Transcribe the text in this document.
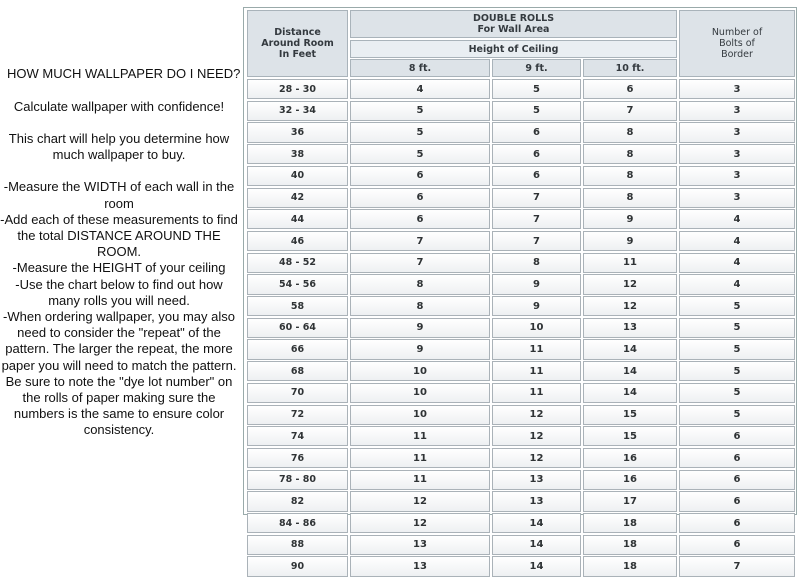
HOW MUCH WALLPAPER DO I NEED?
Calculate wallpaper with confidence!

This chart will help you determine how much wallpaper to buy.

-Measure the WIDTH of each wall in the room

-Add each of these measurements to find the total DISTANCE AROUND THE ROOM.

-Measure the HEIGHT of your ceiling

-Use the chart below to find out how many rolls you will need.

-When ordering wallpaper, you may also need to consider the "repeat" of the pattern. The larger the repeat, the more paper you will need to match the pattern. Be sure to note the "dye lot number" on the rolls of paper making sure the numbers is the same to ensure color consistency.

Distance Around Room In Feet
DOUBLE ROLLS For Wall Area
Height of Ceiling
8 ft.	9 ft.	10 ft.
Number of Bolts of Border
28 - 30	4	5	6	3
32 - 34	5	5	7	3
36	5	6	8	3
38	5	6	8	3
40	6	6	8	3
42	6	7	8	3
44	6	7	9	4
46	7	7	9	4
48 - 52	7	8	11	4
54 - 56	8	9	12	4
58	8	9	12	5
60 - 64	9	10	13	5
66	9	11	14	5
68	10	11	14	5
70	10	11	14	5
72	10	12	15	5
74	11	12	15	6
76	11	12	16	6
78 - 80	11	13	16	6
82	12	13	17	6
84 - 86	12	14	18	6
88	13	14	18	6
90	13	14	18	7
